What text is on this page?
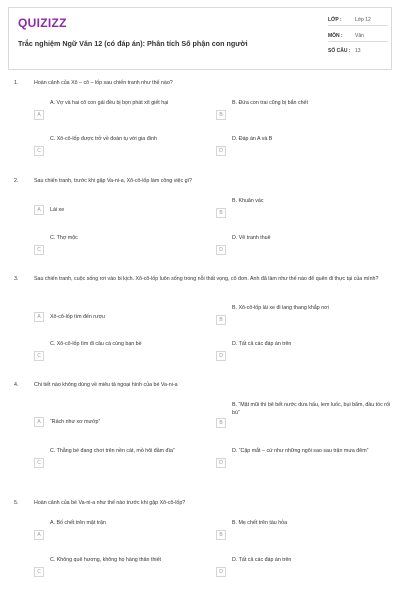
QUIZIZZ
Trắc nghiệm Ngữ Văn 12 (có đáp án): Phân tích Số phận con người
LỚP :	Lớp 12
MÔN : Văn
SỐ CÂU : 13
1.	Hoàn cảnh của Xô – cô – lốp sau chiến tranh như thế nào?
A. Vợ và hai cô con gái đều bị bọn phát xít giết hại
A
B. Đứa con trai cũng bị bắn chết
B
C. Xô-cô-lốp được trở về đoàn tụ với gia đình
C
D. Đáp án A và B
D
2.	Sau chiến tranh, trước khi gặp Va-ni-a, Xô-cô-lốp làm công việc gì?
A	Lái xe
B. Khuân vác
B
C. Thợ mộc
C
D. Vẽ tranh thuê
D
3.	Sau chiến tranh, cuộc sống rơi vào bi kịch. Xô-cô-lốp luôn sống trong nỗi thất vọng, cô đơn. Anh đã làm như thế nào để quên đi thực tại của mình?
A	Xô-cô-lốp tìm đến rượu
B. Xô-cô-lốp lái xe đi lang thang khắp nơi
B
C. Xô-cô-lốp tìm đi câu cá cùng bạn bè
C
D. Tất cả các đáp án trên
D
4.	Chi tiết nào không dùng về miêu tả ngoại hình của bé Va-ni-a
A	“Rách như xơ mướp”
B. “Mặt mũi thì bê bết nước dưa hấu, lem luốc, bụi bẩm, đầu tóc rối bù”
B
C. Thằng bé đang chơi trên nền cát, mồ hôi đầm đìa”
C
D. “Cặp mắt – cứ như những ngôi sao sau trận mưa đêm”
D
5.	Hoàn cảnh của bé Va-ni-a như thế nào trước khi gặp Xô-cô-lốp?
A. Bố chết trên mặt trận
A
B. Mẹ chết trên tàu hỏa
B
C. Không quê hương, không họ hàng thân thiết
C
D. Tất cả các đáp án trên
D
